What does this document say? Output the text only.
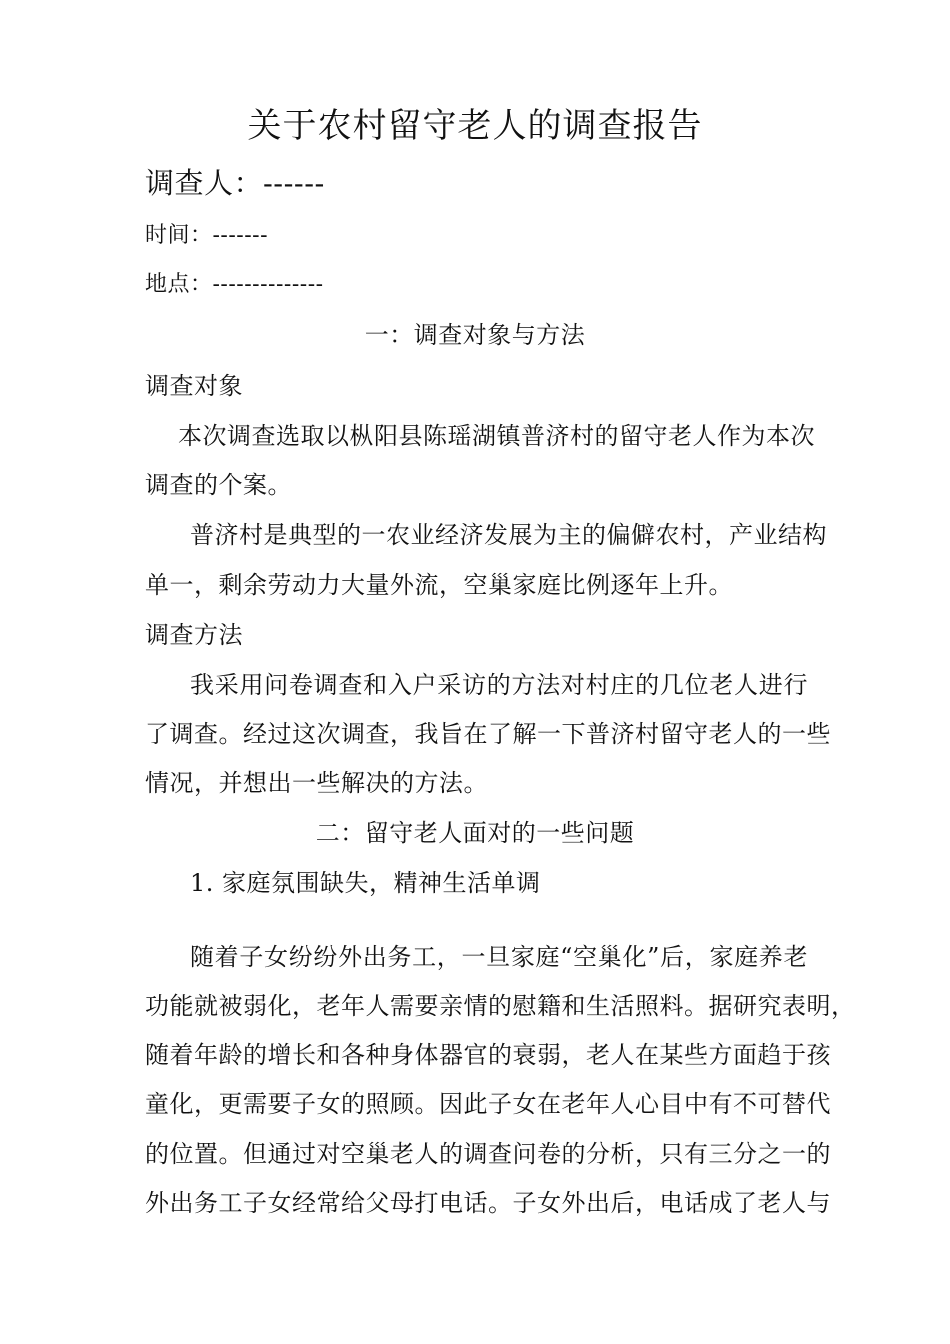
关于农村留守老人的调查报告
调查人：------
时间：-------
地点：--------------
一：调查对象与方法
调查对象
本次调查选取以枞阳县陈瑶湖镇普济村的留守老人作为本次
调查的个案。
普济村是典型的一农业经济发展为主的偏僻农村，产业结构
单一，剩余劳动力大量外流，空巢家庭比例逐年上升。
调查方法
我采用问卷调查和入户采访的方法对村庄的几位老人进行
了调查。经过这次调查，我旨在了解一下普济村留守老人的一些
情况，并想出一些解决的方法。
二：留守老人面对的一些问题
1. 家庭氛围缺失，精神生活单调
随着子女纷纷外出务工，一旦家庭“空巢化”后，家庭养老
功能就被弱化，老年人需要亲情的慰籍和生活照料。据研究表明，
随着年龄的增长和各种身体器官的衰弱，老人在某些方面趋于孩
童化，更需要子女的照顾。因此子女在老年人心目中有不可替代
的位置。但通过对空巢老人的调查问卷的分析，只有三分之一的
外出务工子女经常给父母打电话。子女外出后，电话成了老人与
